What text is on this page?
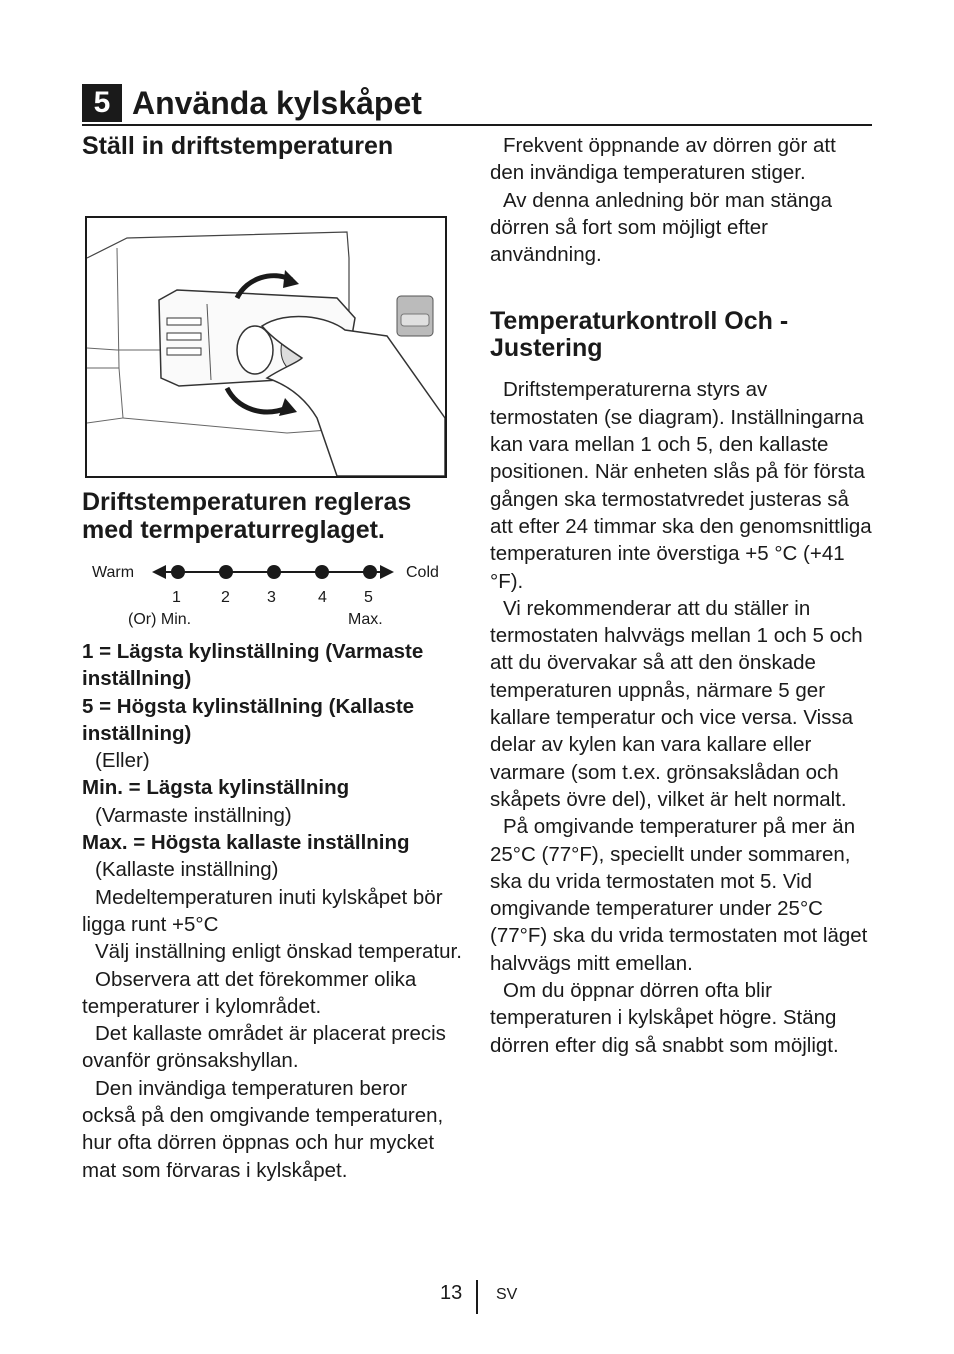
5 Använda kylskåpet
Ställ in driftstemperaturen
Driftstemperaturen regleras med termperaturreglaget.
Warm	Cold
1	2 3	4 5
(Or) Min.	Max.

1 = Lägsta kylinställning (Varmaste inställning)

5 = Högsta kylinställning (Kallaste inställning)

(Eller)

Min. = Lägsta kylinställning

(Varmaste inställning)

Max. = Högsta kallaste inställning

(Kallaste inställning)

Medeltemperaturen inuti kylskåpet bör ligga runt +5°C

Välj inställning enligt önskad temperatur.

Observera att det förekommer olika temperaturer i kylområdet.

Det kallaste området är placerat precis ovanför grönsakshyllan.

Den invändiga temperaturen beror också på den omgivande temperaturen, hur ofta dörren öppnas och hur mycket mat som förvaras i kylskåpet.

Frekvent öppnande av dörren gör att den invändiga temperaturen stiger.

Av denna anledning bör man stänga dörren så fort som möjligt efter användning.

Temperaturkontroll Och -Justering

Driftstemperaturerna styrs av termostaten (se diagram). Inställningarna kan vara mellan 1 och 5, den kallaste positionen. När enheten slås på för första gången ska termostatvredet justeras så att efter 24 timmar ska den genomsnittliga temperaturen inte överstiga +5 °C (+41 °F).

Vi rekommenderar att du ställer in termostaten halvvägs mellan 1 och 5 och att du övervakar så att den önskade temperaturen uppnås, närmare 5 ger kallare temperatur och vice versa. Vissa delar av kylen kan vara kallare eller varmare (som t.ex. grönsakslådan och skåpets övre del), vilket är helt normalt.

På omgivande temperaturer på mer än 25°C (77°F), speciellt under sommaren, ska du vrida termostaten mot 5. Vid omgivande temperaturer under 25°C (77°F) ska du vrida termostaten mot läget halvvägs mitt emellan.

Om du öppnar dörren ofta blir temperaturen i kylskåpet högre. Stäng dörren efter dig så snabbt som möjligt.

13 SV
